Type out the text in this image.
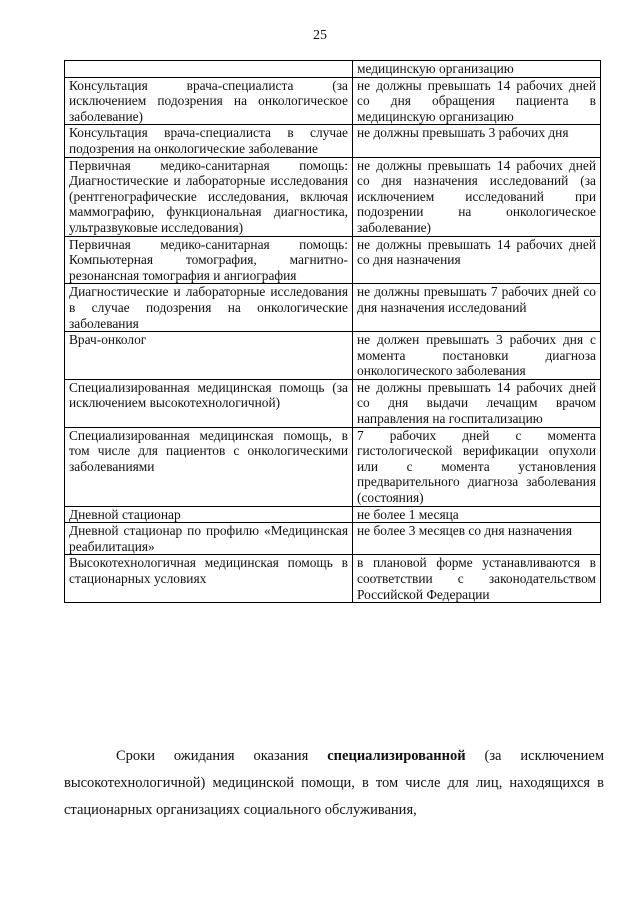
25
	медицинскую организацию
Консультация врача-специалиста (за исключением подозрения на онкологическое заболевание)	не должны превышать 14 рабочих дней со дня обращения пациента в медицинскую организацию
Консультация врача-специалиста в случае подозрения на онкологические заболевание	не должны превышать 3 рабочих дня
Первичная медико-санитарная помощь: Диагностические и лабораторные исследования (рентгенографические исследования, включая маммографию, функциональная диагностика, ультразвуковые исследования)	не должны превышать 14 рабочих дней со дня назначения исследований (за исключением исследований при подозрении на онкологическое заболевание)
Первичная медико-санитарная помощь: Компьютерная томография, магнитно-резонансная томография и ангиография	не должны превышать 14 рабочих дней со дня назначения
Диагностические и лабораторные исследования в случае подозрения на онкологические заболевания	не должны превышать 7 рабочих дней со дня назначения исследований
Врач-онколог	не должен превышать 3 рабочих дня с момента постановки диагноза онкологического заболевания
Специализированная медицинская помощь (за исключением высокотехнологичной)	не должны превышать 14 рабочих дней со дня выдачи лечащим врачом направления на госпитализацию
Специализированная медицинская помощь, в том числе для пациентов с онкологическими заболеваниями	7 рабочих дней с момента гистологической верификации опухоли или с момента установления предварительного диагноза заболевания (состояния)
Дневной стационар	не более 1 месяца
Дневной стационар по профилю «Медицинская реабилитация»	не более 3 месяцев со дня назначения
Высокотехнологичная медицинская помощь в стационарных условиях	в плановой форме устанавливаются в соответствии с законодательством Российской Федерации
Сроки ожидания оказания специализированной (за исключением высокотехнологичной) медицинской помощи, в том числе для лиц, находящихся в стационарных организациях социального обслуживания,
